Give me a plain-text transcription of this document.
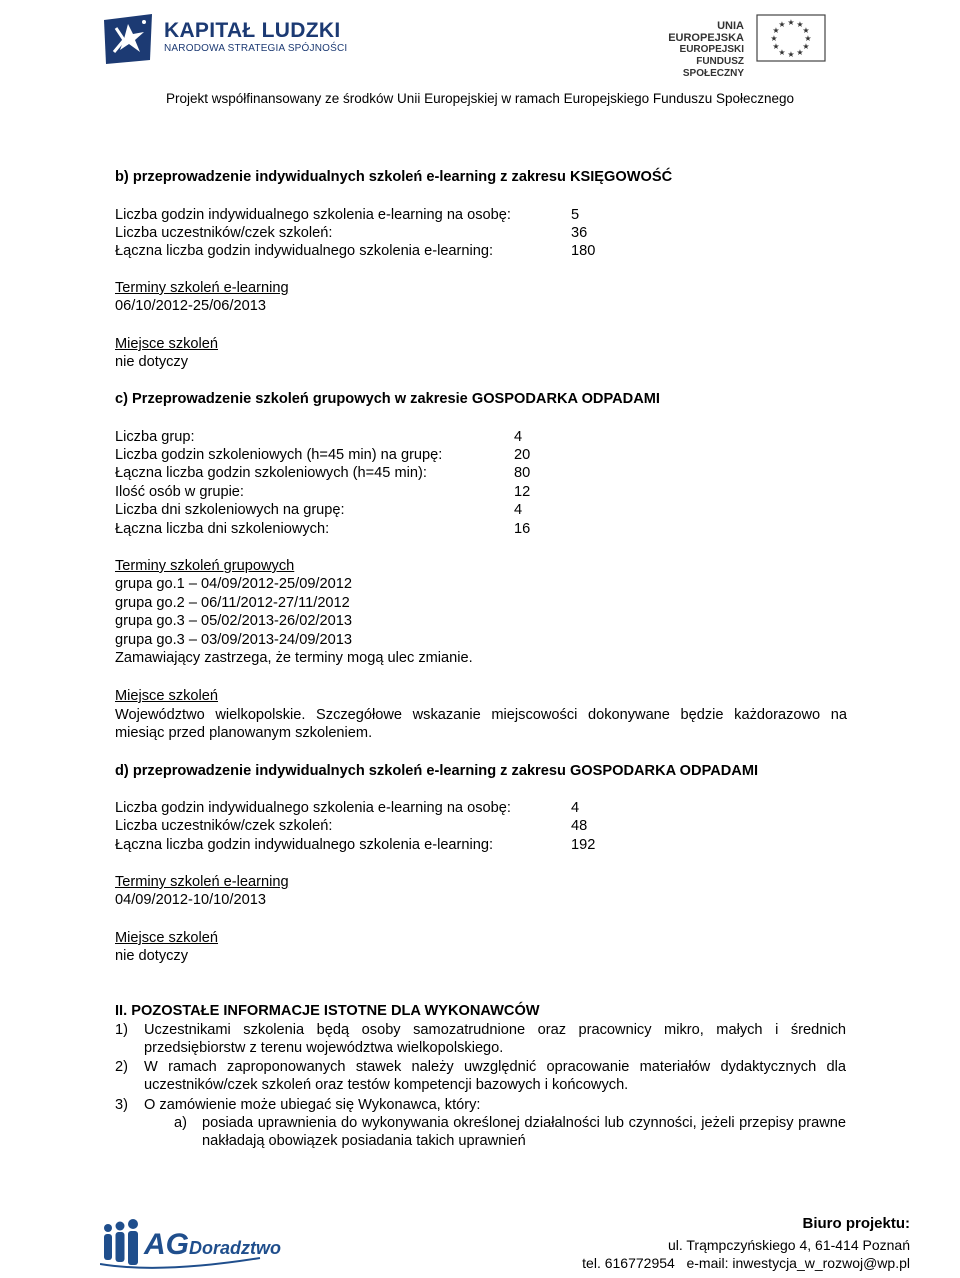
KAPITAŁ LUDZKI
NARODOWA STRATEGIA SPÓJNOŚCI
UNIA EUROPEJSKA
EUROPEJSKI
FUNDUSZ SPOŁECZNY
★ ★
★
★
★
★
★
★
★
★
★
★
Projekt współfinansowany ze środków Unii Europejskiej w ramach Europejskiego Funduszu Społecznego
b) przeprowadzenie indywidualnych szkoleń e-learning z zakresu KSIĘGOWOŚĆ
Liczba godzin indywidualnego szkolenia e-learning na osobę:	5
Liczba uczestników/czek szkoleń:	36
Łączna liczba godzin indywidualnego szkolenia e-learning:	180
Terminy szkoleń e-learning
06/10/2012-25/06/2013
Miejsce szkoleń
nie dotyczy
c) Przeprowadzenie szkoleń grupowych w zakresie GOSPODARKA ODPADAMI
Liczba grup:	4
Liczba godzin szkoleniowych (h=45 min) na grupę:	20
Łączna liczba godzin szkoleniowych (h=45 min):	80
Ilość osób w grupie:	12
Liczba dni szkoleniowych na grupę:	4
Łączna liczba dni szkoleniowych:	16
Terminy szkoleń grupowych
grupa go.1 – 04/09/2012-25/09/2012
grupa go.2 – 06/11/2012-27/11/2012
grupa go.3 – 05/02/2013-26/02/2013
grupa go.3 – 03/09/2013-24/09/2013
Zamawiający zastrzega, że terminy mogą ulec zmianie.
Miejsce szkoleń
Województwo wielkopolskie. Szczegółowe wskazanie miejscowości dokonywane będzie każdorazowo na miesiąc przed planowanym szkoleniem.
d) przeprowadzenie indywidualnych szkoleń e-learning z zakresu GOSPODARKA ODPADAMI
Liczba godzin indywidualnego szkolenia e-learning na osobę:	4
Liczba uczestników/czek szkoleń:	48
Łączna liczba godzin indywidualnego szkolenia e-learning:	192
Terminy szkoleń e-learning
04/09/2012-10/10/2013
Miejsce szkoleń
nie dotyczy
II. POZOSTAŁE INFORMACJE ISTOTNE DLA WYKONAWCÓW
1) Uczestnikami szkolenia będą osoby samozatrudnione oraz pracownicy mikro, małych i średnich przedsiębiorstw z terenu województwa wielkopolskiego.
2) W ramach zaproponowanych stawek należy uwzględnić opracowanie materiałów dydaktycznych dla uczestników/czek szkoleń oraz testów kompetencji bazowych i końcowych.
3) O zamówienie może ubiegać się Wykonawca, który:
a) posiada uprawnienia do wykonywania określonej działalności lub czynności, jeżeli przepisy prawne nakładają obowiązek posiadania takich uprawnień
AGDoradztwo
Biuro projektu:
ul. Trąmpczyńskiego 4, 61-414 Poznań
tel. 616772954 e-mail: inwestycja_w_rozwoj@wp.pl
